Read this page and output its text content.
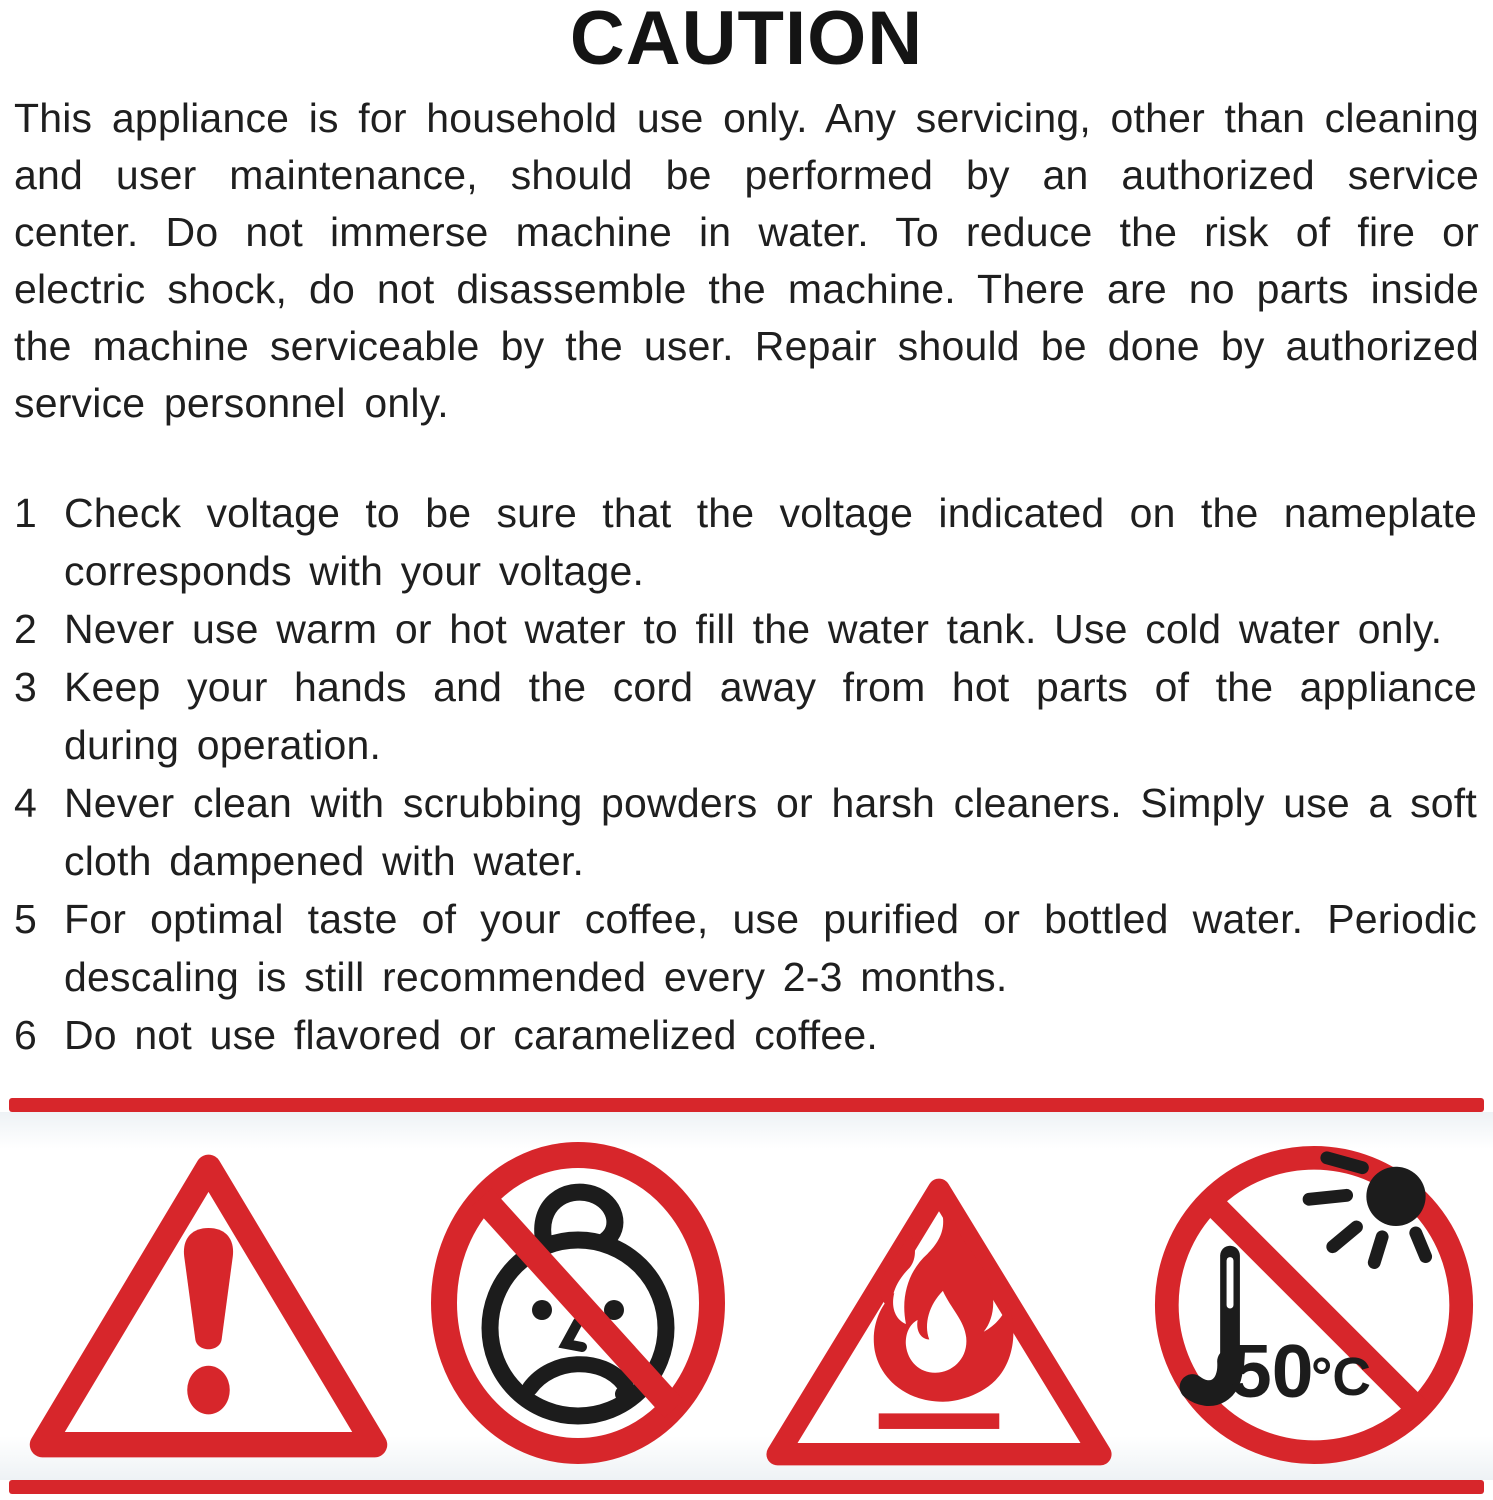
CAUTION

This appliance is for household use only. Any servicing, other than cleaning and user maintenance, should be performed by an authorized service center. Do not immerse machine in water. To reduce the risk of fire or electric shock, do not disassemble the machine. There are no parts inside the machine serviceable by the user. Repair should be done by authorized service personnel only.

1 Check voltage to be sure that the voltage indicated on the nameplate corresponds with your voltage.
2 Never use warm or hot water to fill the water tank. Use cold water only.
3 Keep your hands and the cord away from hot parts of the appliance during operation.
4 Never clean with scrubbing powders or harsh cleaners. Simply use a soft cloth dampened with water.
5 For optimal taste of your coffee, use purified or bottled water. Periodic descaling is still recommended every 2-3 months.
6 Do not use flavored or caramelized coffee.
50
°C
